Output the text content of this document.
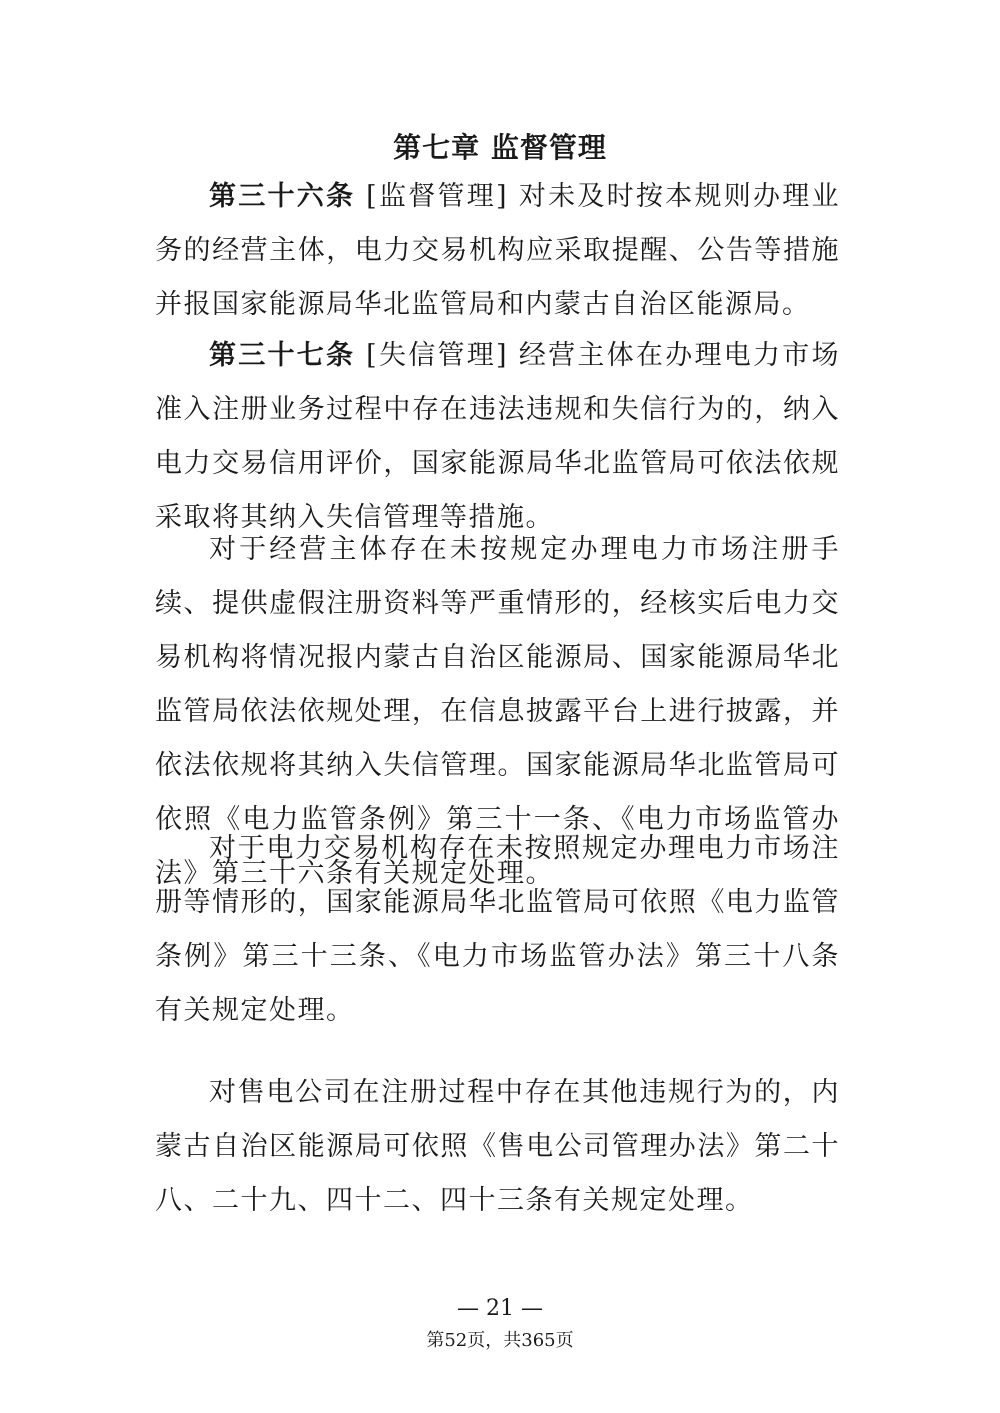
第七章 监督管理

第三十六条 [监督管理] 对未及时按本规则办理业务的经营主体，电力交易机构应采取提醒、公告等措施并报国家能源局华北监管局和内蒙古自治区能源局。

第三十七条 [失信管理] 经营主体在办理电力市场准入注册业务过程中存在违法违规和失信行为的，纳入电力交易信用评价，国家能源局华北监管局可依法依规采取将其纳入失信管理等措施。

对于经营主体存在未按规定办理电力市场注册手续、提供虚假注册资料等严重情形的，经核实后电力交易机构将情况报内蒙古自治区能源局、国家能源局华北监管局依法依规处理，在信息披露平台上进行披露，并依法依规将其纳入失信管理。国家能源局华北监管局可依照《电力监管条例》第三十一条、《电力市场监管办法》第三十六条有关规定处理。

对于电力交易机构存在未按照规定办理电力市场注册等情形的，国家能源局华北监管局可依照《电力监管条例》第三十三条、《电力市场监管办法》第三十八条有关规定处理。

对售电公司在注册过程中存在其他违规行为的，内蒙古自治区能源局可依照《售电公司管理办法》第二十八、二十九、四十二、四十三条有关规定处理。

— 21 —
第52页，共365页
